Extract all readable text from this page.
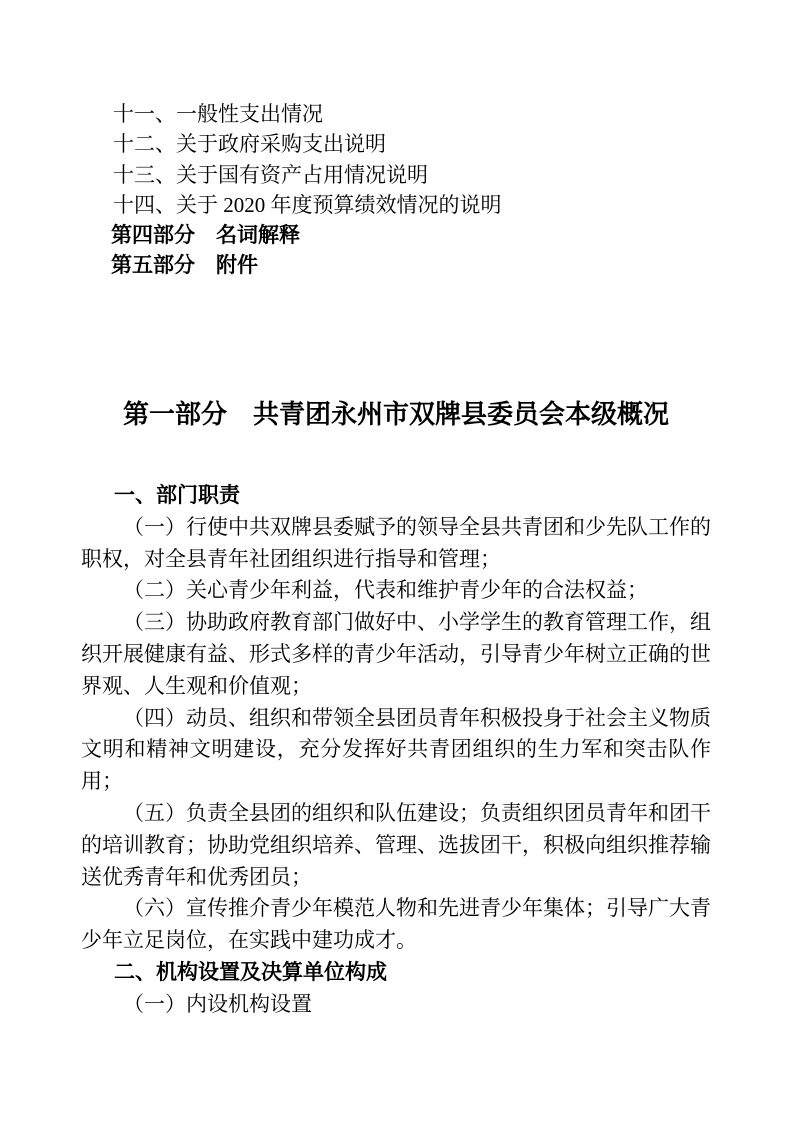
十一、一般性支出情况
十二、关于政府采购支出说明
十三、关于国有资产占用情况说明
十四、关于 2020 年度预算绩效情况的说明
第四部分　名词解释
第五部分　附件
第一部分　共青团永州市双牌县委员会本级概况
一、部门职责
（一）行使中共双牌县委赋予的领导全县共青团和少先队工作的
职权，对全县青年社团组织进行指导和管理；
（二）关心青少年利益，代表和维护青少年的合法权益；
（三）协助政府教育部门做好中、小学学生的教育管理工作，组
织开展健康有益、形式多样的青少年活动，引导青少年树立正确的世
界观、人生观和价值观；
（四）动员、组织和带领全县团员青年积极投身于社会主义物质
文明和精神文明建设，充分发挥好共青团组织的生力军和突击队作
用；
（五）负责全县团的组织和队伍建设；负责组织团员青年和团干
的培训教育；协助党组织培养、管理、选拔团干，积极向组织推荐输
送优秀青年和优秀团员；
（六）宣传推介青少年模范人物和先进青少年集体；引导广大青
少年立足岗位，在实践中建功成才。
二、机构设置及决算单位构成
（一）内设机构设置
